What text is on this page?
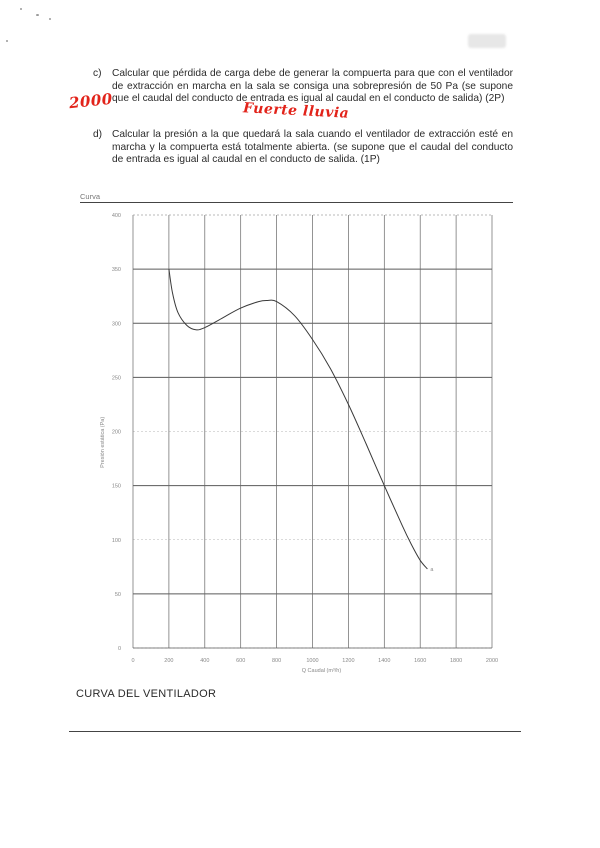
c)	Calcular que pérdida de carga debe de generar la compuerta para que con el ventilador de extracción en marcha en la sala se consiga una sobrepresión de 50 Pa (se supone que el caudal del conducto de entrada es igual al caudal en el conducto de salida) (2P)
d) Calcular la presión a la que quedará la sala cuando el ventilador de extracción esté en marcha y la compuerta está totalmente abierta. (se supone que el caudal del conducto de entrada es igual al caudal en el conducto de salida. (1P)
2000	Fuerte lluvia
Curva
0
50
100
150
200
250
300
350
400
0	200	400	600	800	1000	1200	1400	1600	1800	2000
a
Q Caudal (m³/h)
Presión estática (Pa)
CURVA DEL VENTILADOR
